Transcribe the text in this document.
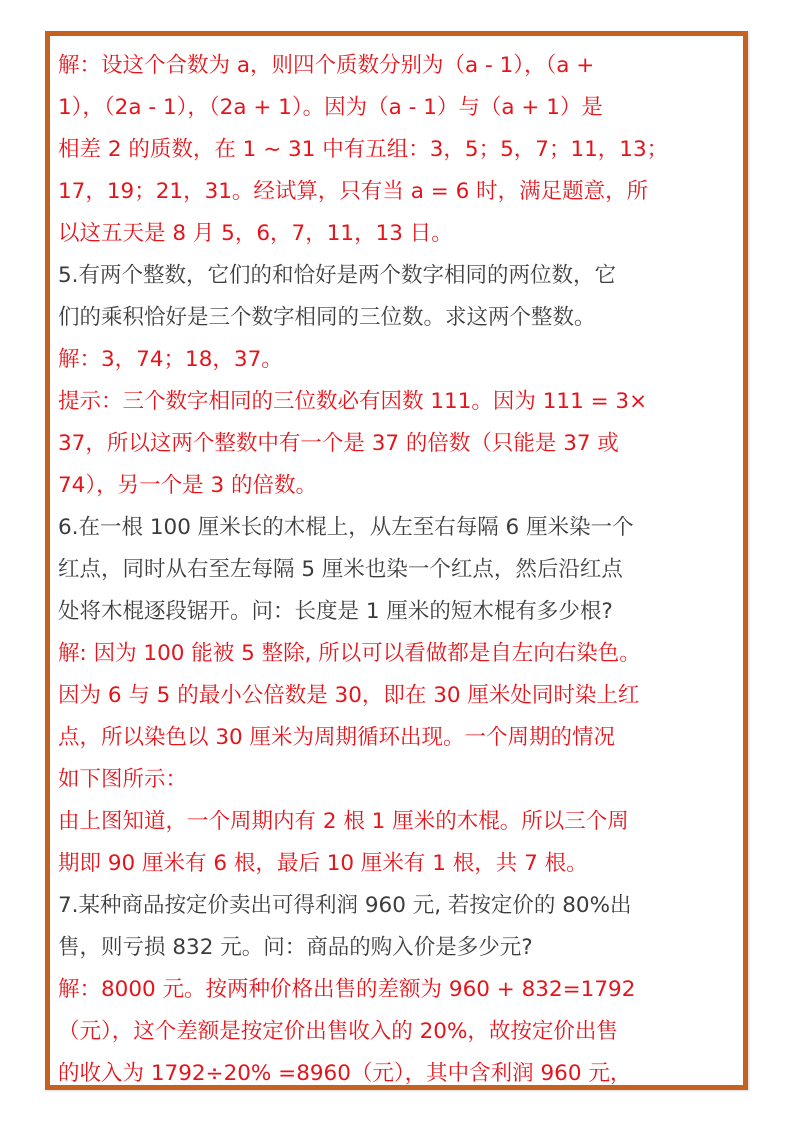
解：设这个合数为 a，则四个质数分别为（a - 1），（a +
1），（2a - 1），（2a + 1）。因为（a - 1）与（a + 1）是
相差 2 的质数，在 1 ~ 31 中有五组：3，5；5，7；11，13；
17，19；21，31。经试算，只有当 a = 6 时，满足题意，所
以这五天是 8 月 5，6，7，11，13 日。
5.有两个整数，它们的和恰好是两个数字相同的两位数，它
们的乘积恰好是三个数字相同的三位数。求这两个整数。
解：3，74；18，37。
提示：三个数字相同的三位数必有因数 111。因为 111 = 3×
37，所以这两个整数中有一个是 37 的倍数（只能是 37 或
74），另一个是 3 的倍数。
6.在一根 100 厘米长的木棍上，从左至右每隔 6 厘米染一个
红点，同时从右至左每隔 5 厘米也染一个红点，然后沿红点
处将木棍逐段锯开。问：长度是 1 厘米的短木棍有多少根?
解: 因为 100 能被 5 整除, 所以可以看做都是自左向右染色。
因为 6 与 5 的最小公倍数是 30，即在 30 厘米处同时染上红
点，所以染色以 30 厘米为周期循环出现。一个周期的情况
如下图所示：
由上图知道，一个周期内有 2 根 1 厘米的木棍。所以三个周
期即 90 厘米有 6 根，最后 10 厘米有 1 根，共 7 根。
7.某种商品按定价卖出可得利润 960 元, 若按定价的 80%出
售，则亏损 832 元。问：商品的购入价是多少元?
解：8000 元。按两种价格出售的差额为 960 + 832=1792
（元），这个差额是按定价出售收入的 20%，故按定价出售
的收入为 1792÷20% =8960（元），其中含利润 960 元，
